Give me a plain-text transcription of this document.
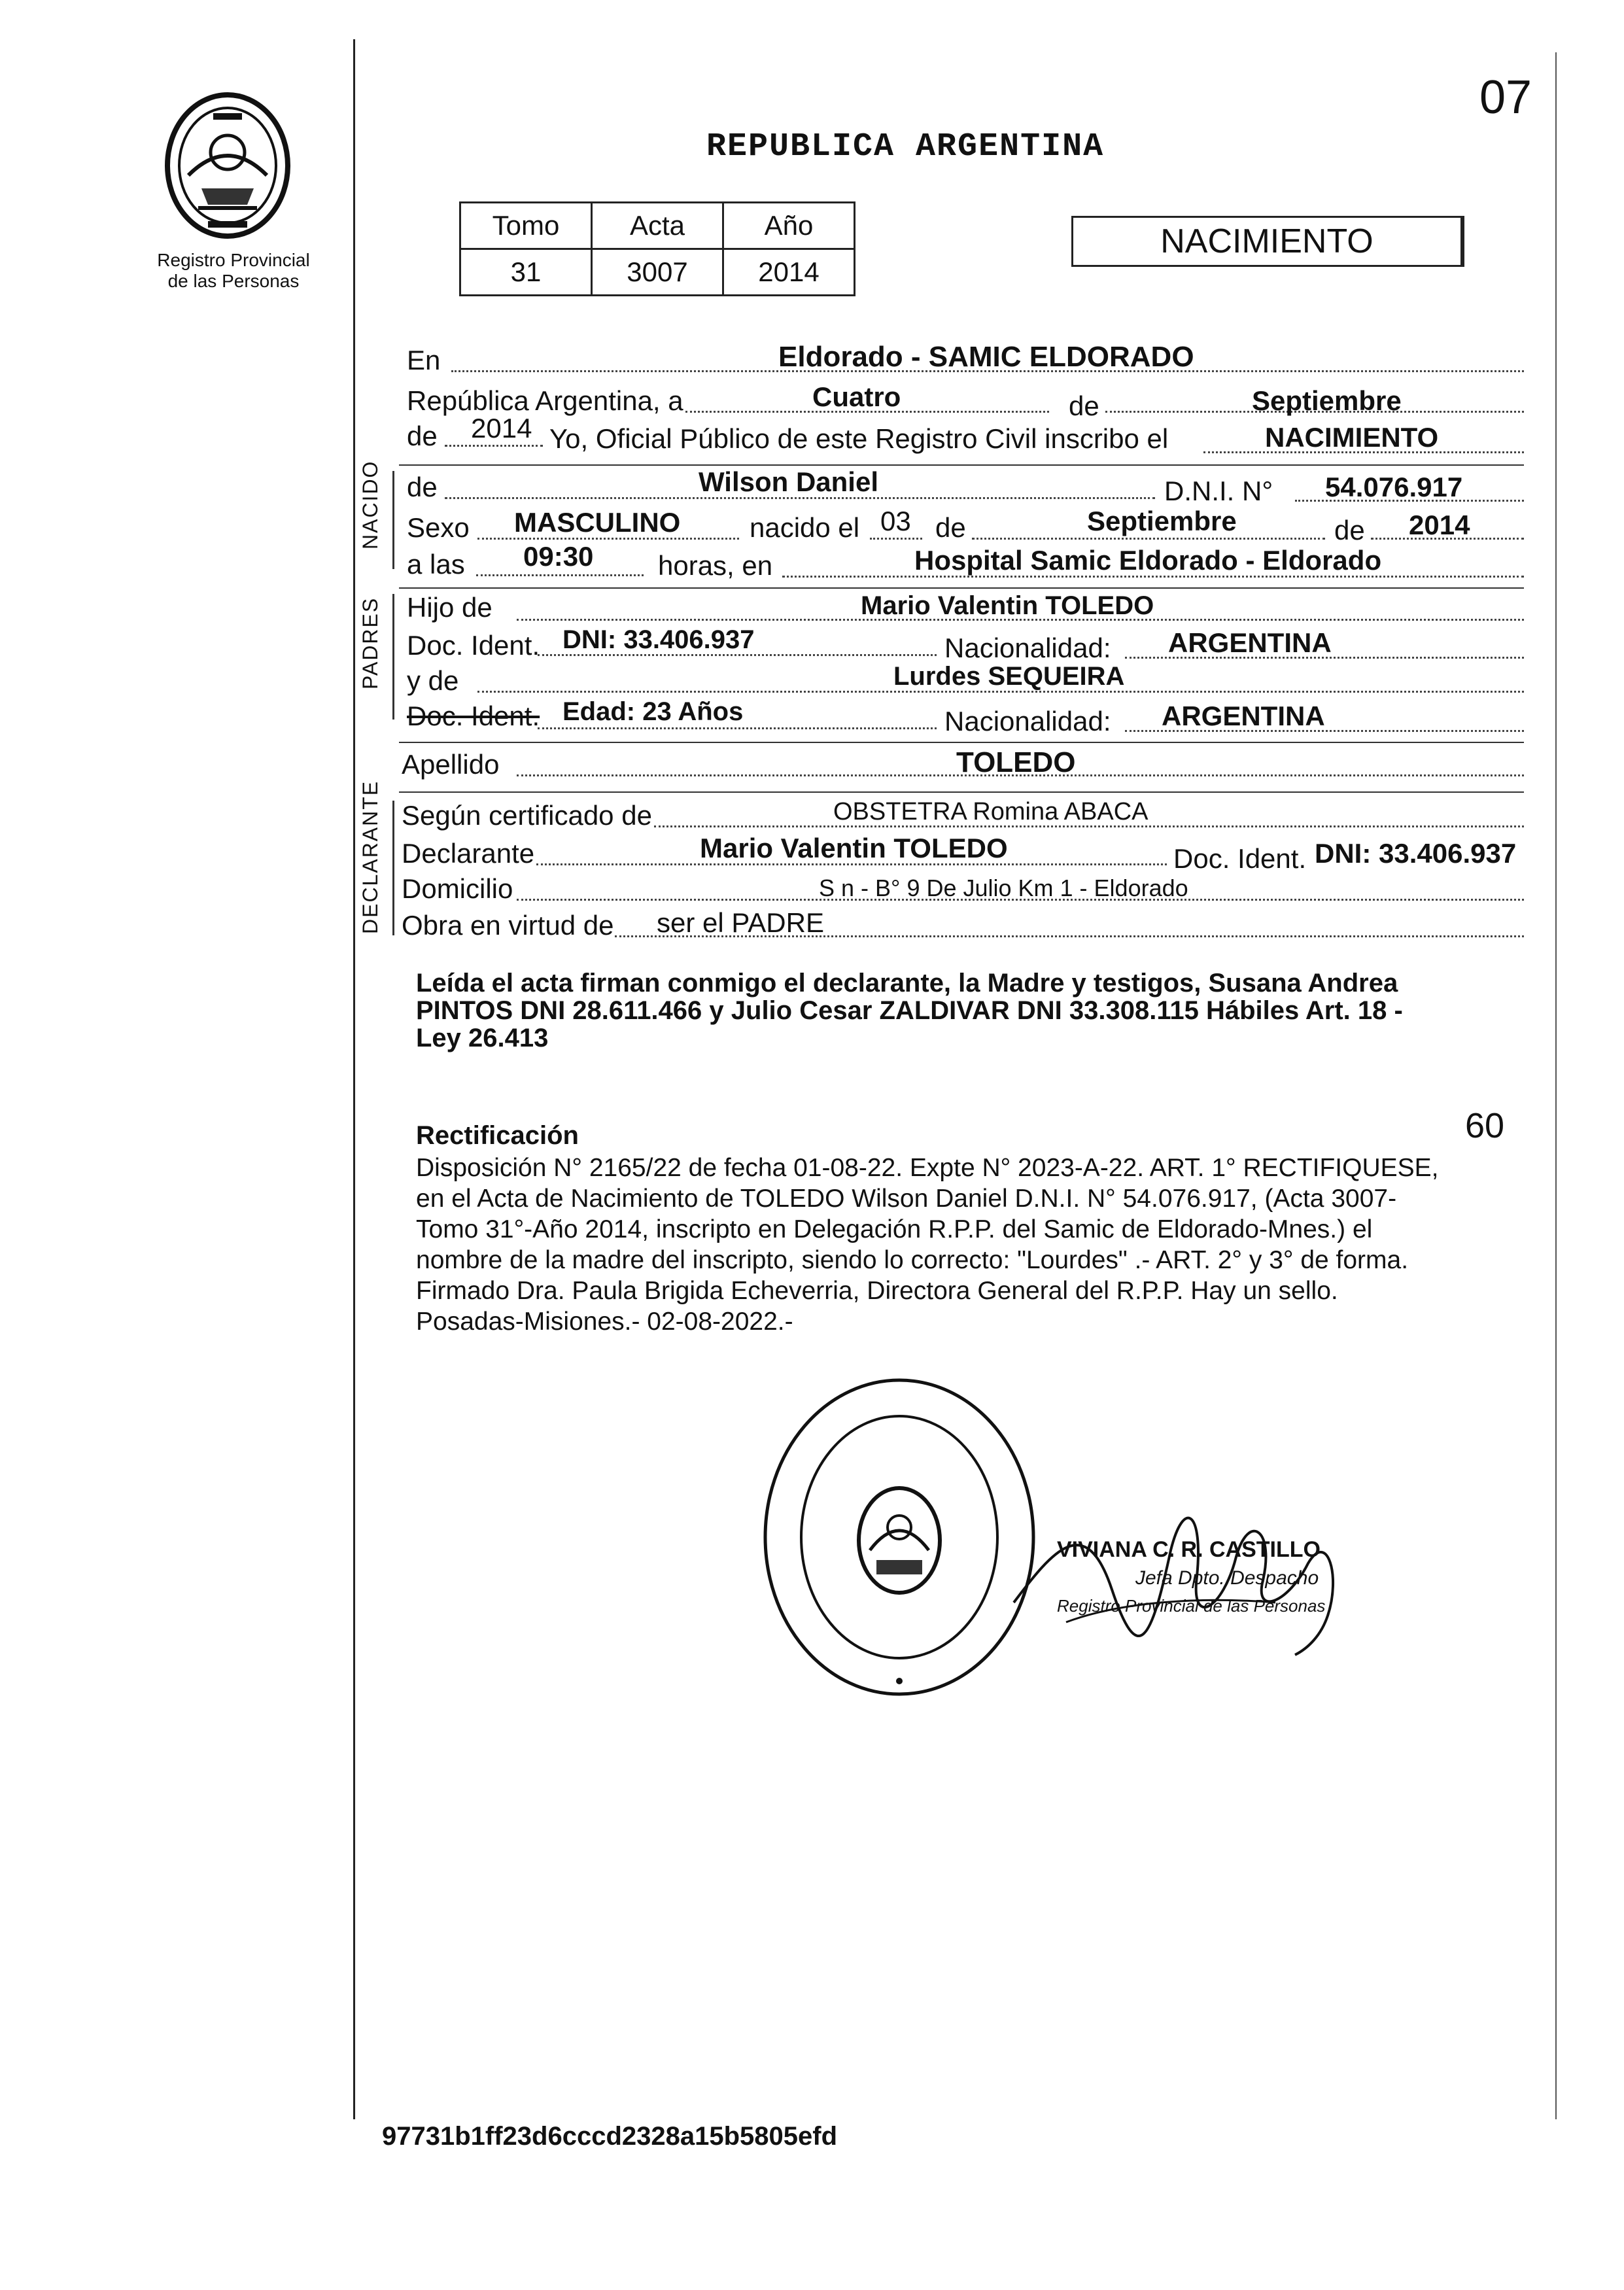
07
Registro Provincial
de las Personas
REPUBLICA ARGENTINA
Tomo	Acta	Año
31	3007	2014
NACIMIENTO
En	Eldorado - SAMIC ELDORADO
República Argentina, a	Cuatro	de	Septiembre
de 2014 Yo, Oficial Público de este Registro Civil inscribo el	NACIMIENTO
NACIDO de	Wilson Daniel	D.N.I. N° 54.076.917
Sexo MASCULINO	nacido el 03 de	Septiembre	de 2014
a las 09:30 horas, en	Hospital Samic Eldorado - Eldorado
PADRES Hijo de	Mario Valentin TOLEDO
Doc. Ident. DNI: 33.406.937	Nacionalidad: ARGENTINA
y de	Lurdes SEQUEIRA
Doc. Ident. Edad: 23 Años	Nacionalidad: ARGENTINA
Apellido	TOLEDO
DECLARANTE Según certificado de	OBSTETRA Romina ABACA
Declarante	Mario Valentin TOLEDO	Doc. Ident. DNI: 33.406.937
Domicilio	S n - B° 9 De Julio Km 1 - Eldorado
Obra en virtud de ser el PADRE
Leída el acta firman conmigo el declarante, la Madre y testigos, Susana Andrea
PINTOS DNI 28.611.466 y Julio Cesar ZALDIVAR DNI 33.308.115 Hábiles Art. 18 -
Ley 26.413
Rectificación	60
Disposición N° 2165/22 de fecha 01-08-22. Expte N° 2023-A-22. ART. 1° RECTIFIQUESE,
en el Acta de Nacimiento de TOLEDO Wilson Daniel D.N.I. N° 54.076.917, (Acta 3007-
Tomo 31°-Año 2014, inscripto en Delegación R.P.P. del Samic de Eldorado-Mnes.) el
nombre de la madre del inscripto, siendo lo correcto: "Lourdes" .- ART. 2° y 3° de forma.
Firmado Dra. Paula Brigida Echeverria, Directora General del R.P.P. Hay un sello.
Posadas-Misiones.- 02-08-2022.-
VIVIANA C. R. CASTILLO
Jefa Dpto. Despacho
Registro Provincial de las Personas
97731b1ff23d6cccd2328a15b5805efd
